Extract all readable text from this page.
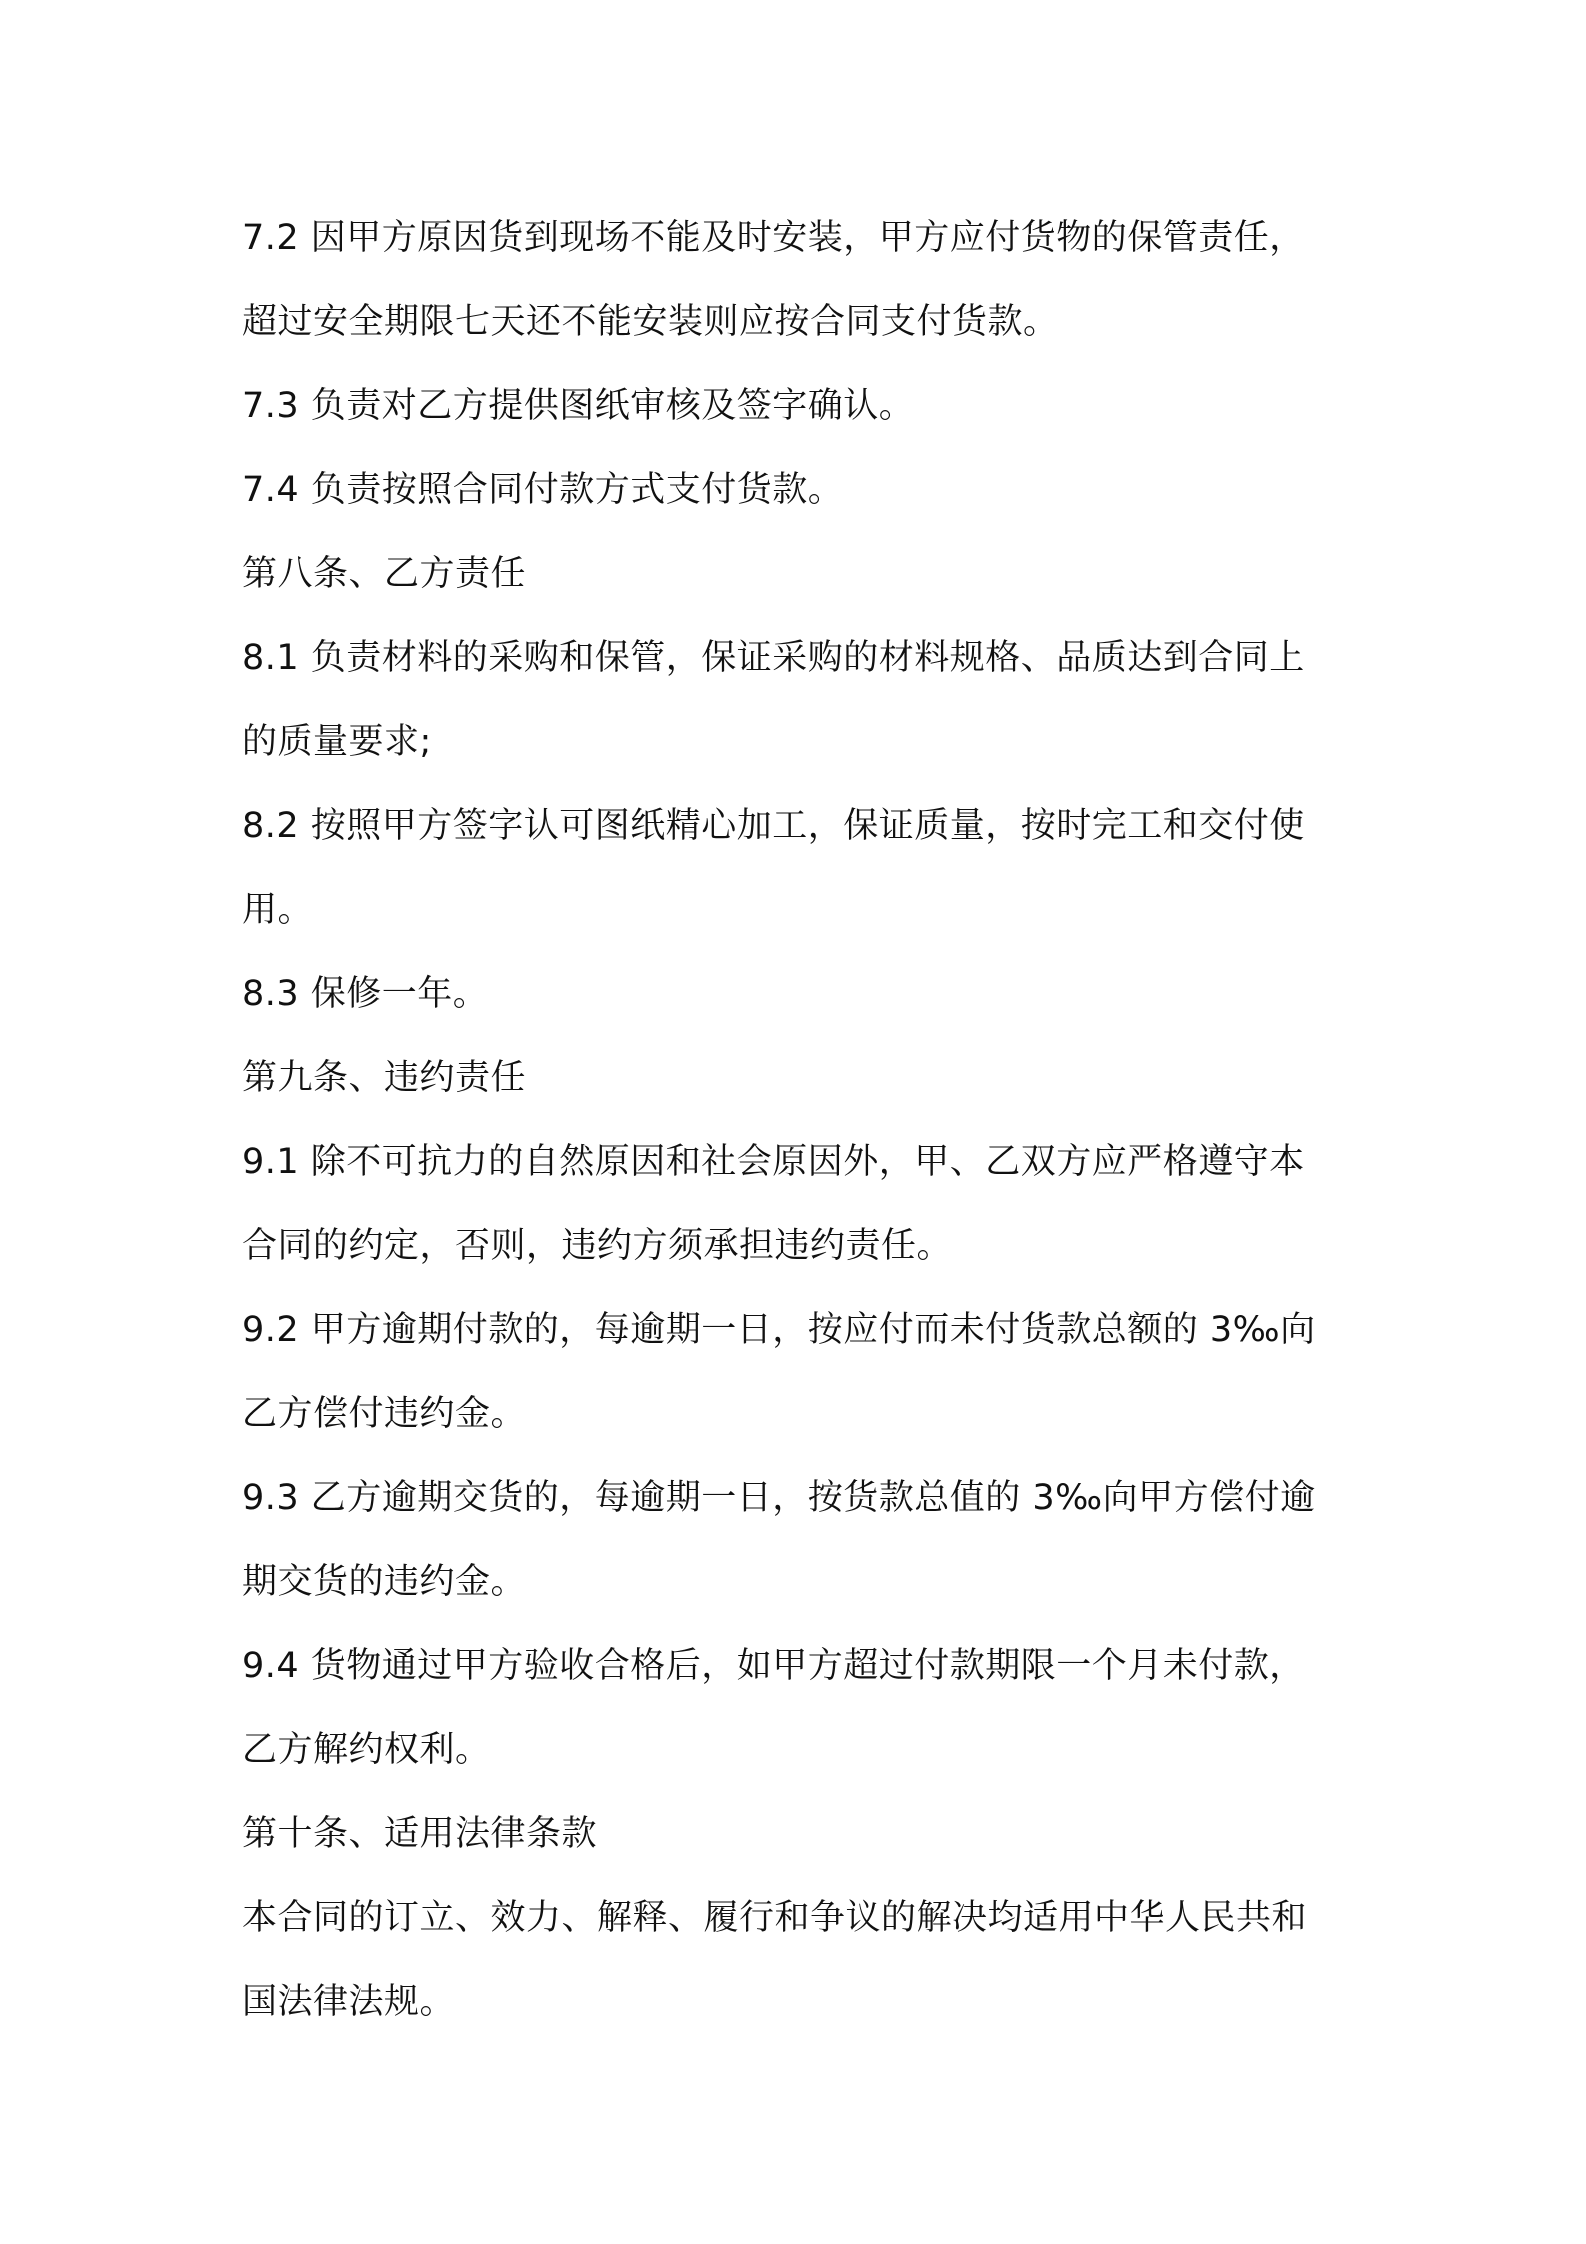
7.2 因甲方原因货到现场不能及时安装，甲方应付货物的保管责任，
超过安全期限七天还不能安装则应按合同支付货款。
7.3 负责对乙方提供图纸审核及签字确认。
7.4 负责按照合同付款方式支付货款。
第八条、乙方责任
8.1 负责材料的采购和保管，保证采购的材料规格、品质达到合同上
的质量要求;
8.2 按照甲方签字认可图纸精心加工，保证质量，按时完工和交付使
用。
8.3 保修一年。
第九条、违约责任
9.1 除不可抗力的自然原因和社会原因外，甲、乙双方应严格遵守本
合同的约定，否则，违约方须承担违约责任。
9.2 甲方逾期付款的，每逾期一日，按应付而未付货款总额的 3‰向
乙方偿付违约金。
9.3 乙方逾期交货的，每逾期一日，按货款总值的 3‰向甲方偿付逾
期交货的违约金。
9.4 货物通过甲方验收合格后，如甲方超过付款期限一个月未付款，
乙方解约权利。
第十条、适用法律条款
本合同的订立、效力、解释、履行和争议的解决均适用中华人民共和
国法律法规。
